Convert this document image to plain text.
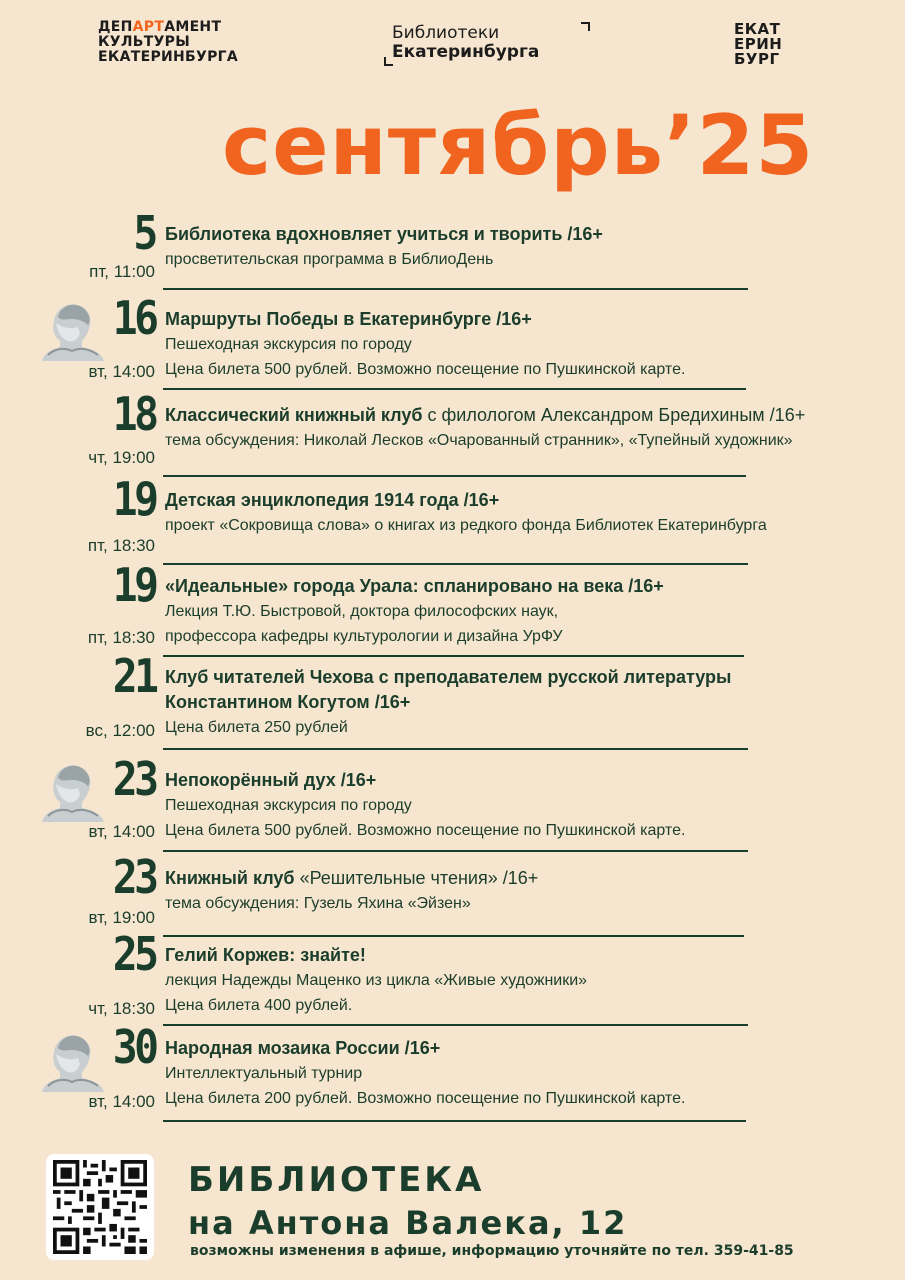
ДЕПАРТАМЕНТ
КУЛЬТУРЫ
ЕКАТЕРИНБУРГА
Библиотеки
Екатеринбурга
ЕКАТ
ЕРИН
БУРГ
сентябрь’25
5
пт, 11:00
Библиотека вдохновляет учиться и творить /16+
просветительская программа в БиблиоДень
16
вт, 14:00
Маршруты Победы в Екатеринбурге /16+
Пешеходная экскурсия по городу
Цена билета 500 рублей. Возможно посещение по Пушкинской карте.
18
чт, 19:00
Классический книжный клуб с филологом Александром Бредихиным /16+
тема обсуждения: Николай Лесков «Очарованный странник», «Тупейный художник»
19
пт, 18:30
Детская энциклопедия 1914 года /16+
проект «Сокровища слова» о книгах из редкого фонда Библиотек Екатеринбурга
19
пт, 18:30
«Идеальные» города Урала: спланировано на века /16+
Лекция Т.Ю. Быстровой, доктора философских наук,
профессора кафедры культурологии и дизайна УрФУ
21
вс, 12:00
Клуб читателей Чехова с преподавателем русской литературы
Константином Когутом /16+
Цена билета 250 рублей
23
вт, 14:00
Непокорённый дух /16+
Пешеходная экскурсия по городу
Цена билета 500 рублей. Возможно посещение по Пушкинской карте.
23
вт, 19:00
Книжный клуб «Решительные чтения» /16+
тема обсуждения: Гузель Яхина «Эйзен»
25
чт, 18:30
Гелий Коржев: знайте!
лекция Надежды Маценко из цикла «Живые художники»
Цена билета 400 рублей.
30
вт, 14:00
Народная мозаика России /16+
Интеллектуальный турнир
Цена билета 200 рублей. Возможно посещение по Пушкинской карте.
БИБЛИОТЕКА
на Антона Валека, 12
возможны изменения в афише, информацию уточняйте по тел. 359-41-85
